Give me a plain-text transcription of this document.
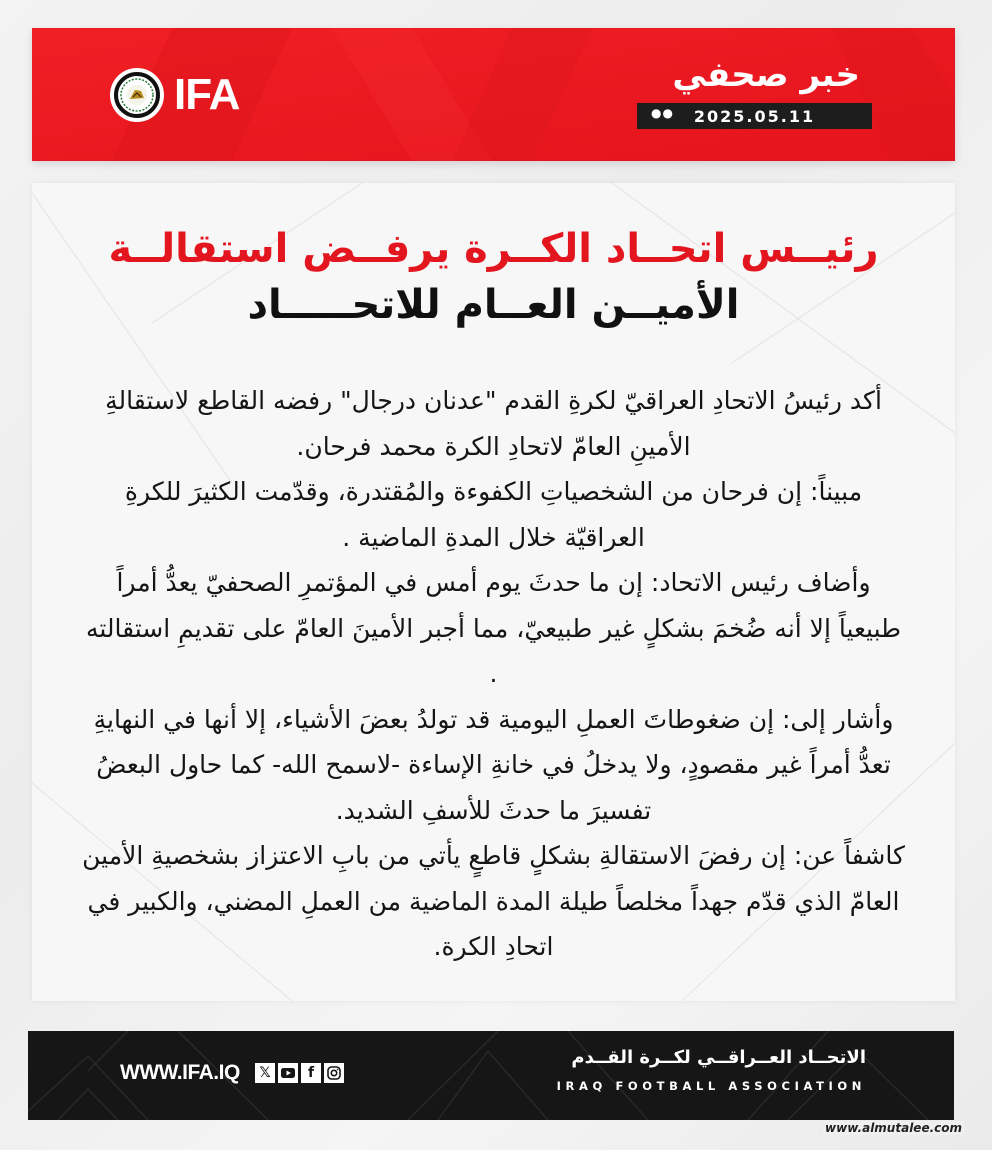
IFA	خبر صحفي
●● 2025.05.11
رئيــس اتحــاد الكــرة يرفــض استقالــة
الأميــن العــام للاتحـــــاد

أكد رئيسُ الاتحادِ العراقيّ لكرةِ القدم "عدنان درجال" رفضه القاطع لاستقالةِ الأمينِ العامّ لاتحادِ الكرة محمد فرحان.

مبيناً: إن فرحان من الشخصياتِ الكفوءة والمُقتدرة، وقدّمت الكثيرَ للكرةِ العراقيّة خلال المدةِ الماضية .

وأضاف رئيس الاتحاد: إن ما حدثَ يوم أمس في المؤتمرِ الصحفيّ يعدُّ أمراً طبيعياً إلا أنه ضُخمَ بشكلٍ غير طبيعيّ، مما أجبر الأمينَ العامّ على تقديمِ استقالته .

وأشار إلى: إن ضغوطاتَ العملِ اليومية قد تولدُ بعضَ الأشياء، إلا أنها في النهايةِ تعدُّ أمراً غير مقصودٍ، ولا يدخلُ في خانةِ الإساءة -لاسمح الله- كما حاول البعضُ تفسيرَ ما حدثَ للأسفِ الشديد.

كاشفاً عن: إن رفضَ الاستقالةِ بشكلٍ قاطعٍ يأتي من بابِ الاعتزاز بشخصيةِ الأمين العامّ الذي قدّم جهداً مخلصاً طيلة المدة الماضية من العملِ المضني، والكبير في اتحادِ الكرة.

WWW.IFA.IQ	𝕏	f
الاتحــاد العــراقــي لكــرة القــدم
IRAQ FOOTBALL ASSOCIATION
www.almutalee.com
